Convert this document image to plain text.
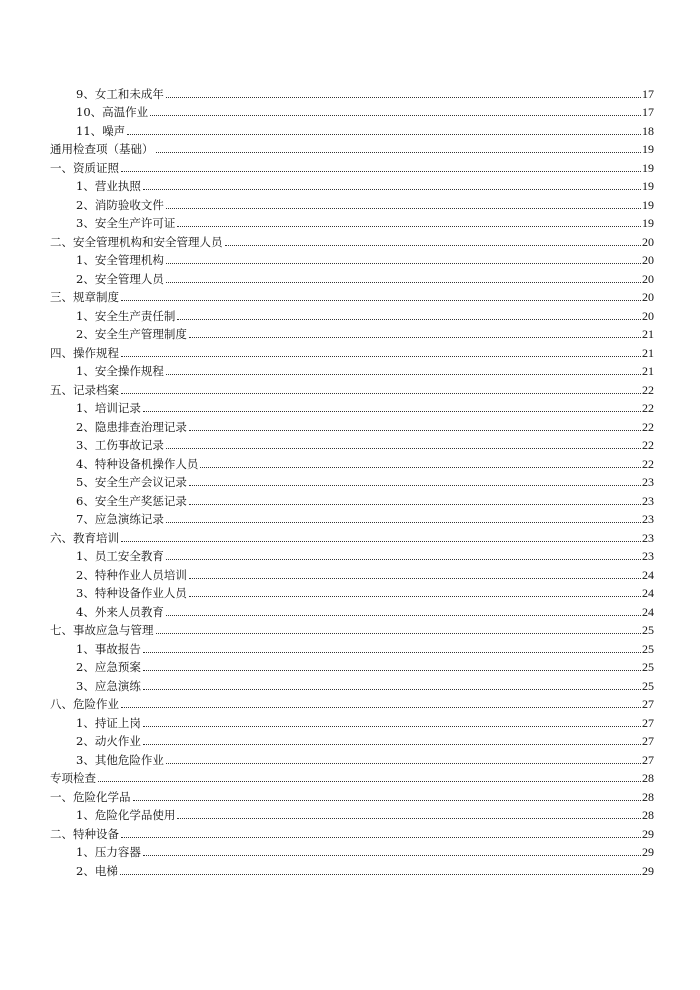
9、女工和未成年	17
10、高温作业	17
11、噪声	18
通用检查项（基础）	19
一、资质证照	19
1、营业执照	19
2、消防验收文件	19
3、安全生产许可证	19
二、安全管理机构和安全管理人员	20
1、安全管理机构	20
2、安全管理人员	20
三、规章制度	20
1、安全生产责任制	20
2、安全生产管理制度	21
四、操作规程	21
1、安全操作规程	21
五、记录档案	22
1、培训记录	22
2、隐患排查治理记录	22
3、工伤事故记录	22
4、特种设备机操作人员	22
5、安全生产会议记录	23
6、安全生产奖惩记录	23
7、应急演练记录	23
六、教育培训	23
1、员工安全教育	23
2、特种作业人员培训	24
3、特种设备作业人员	24
4、外来人员教育	24
七、事故应急与管理	25
1、事故报告	25
2、应急预案	25
3、应急演练	25
八、危险作业	27
1、持证上岗	27
2、动火作业	27
3、其他危险作业	27
专项检查	28
一、危险化学品	28
1、危险化学品使用	28
二、特种设备	29
1、压力容器	29
2、电梯	29
